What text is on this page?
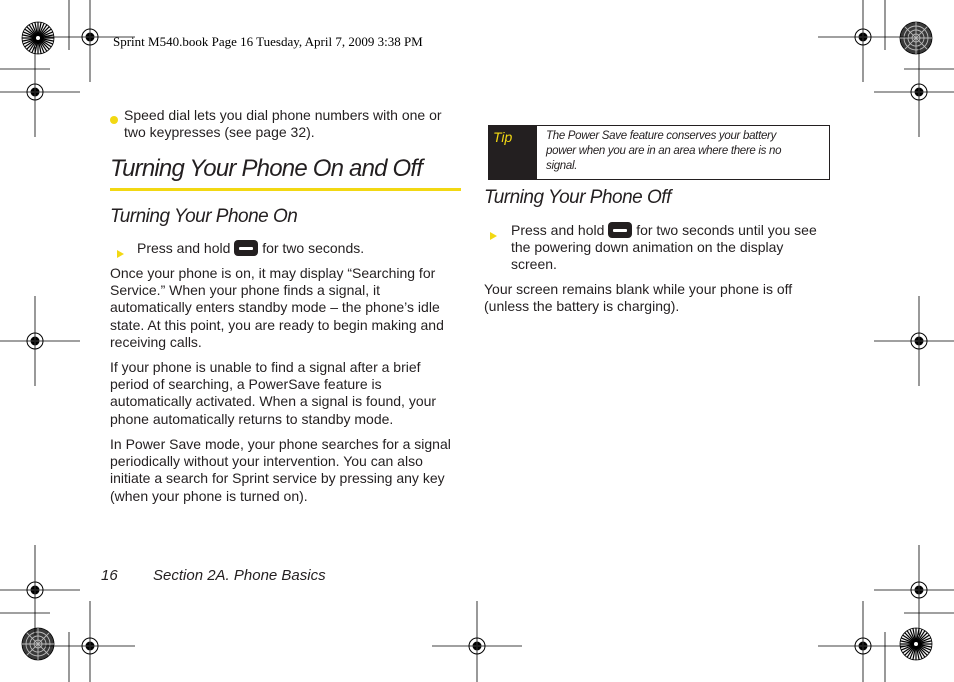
Sprint M540.book Page 16 Tuesday, April 7, 2009 3:38 PM
Speed dial lets you dial phone numbers with one or
two keypresses (see page 32).
Turning Your Phone On and Off
Turning Your Phone On
Press and hold for two seconds.
Once your phone is on, it may display “Searching for
Service.” When your phone finds a signal, it
automatically enters standby mode – the phone’s idle
state. At this point, you are ready to begin making and
receiving calls.
If your phone is unable to find a signal after a brief
period of searching, a PowerSave feature is
automatically activated. When a signal is found, your
phone automatically returns to standby mode.
In Power Save mode, your phone searches for a signal
periodically without your intervention. You can also
initiate a search for Sprint service by pressing any key
(when your phone is turned on).
Tip	The Power Save feature conserves your battery
power when you are in an area where there is no
signal.
Turning Your Phone Off
Press and hold for two seconds until you see
the powering down animation on the display
screen.
Your screen remains blank while your phone is off
(unless the battery is charging).
16 Section 2A. Phone Basics
